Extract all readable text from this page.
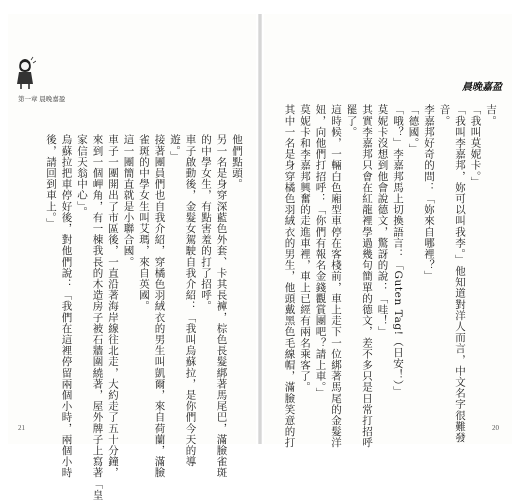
第一章 晨晚嘉盈
他們點頭。
另一名是身穿深藍色外套、卡其長褲，棕色長髮綁著馬尾巴，滿臉雀斑
的中學女生，有點害羞的打了招呼。
車子啟動後，金髮女駕駛自我介紹：「我叫烏蘇拉，是你們今天的導
遊。」
接著團員們也自我介紹，穿橘色羽絨衣的男生叫凱爾，來自荷蘭，滿臉
雀斑的中學女生叫艾瑪，來自英國。
這一團簡直就是小聯合國。
車子一團開出了市區後，一直沿著海岸線往北走，大約走了五十分鐘，
來到一個岬角，有一棟我長的木造房子被石牆圍繞著，屋外牌子上寫著「皇
家信天翁中心」。
烏蘇拉把車停好後，對他們說：「我們在這裡停留兩個小時，兩個小時
後，請回到車上。」
21
晨晚嘉盈
吉。
「我叫莫妮卡。」
「我叫李嘉邦，妳可以叫我李。」他知道對洋人而言，中文名字很難發
音。
李嘉邦好奇的問：「妳來自哪裡？」
「德國。」
「哦？」李嘉邦馬上切換語言：「Guten Tag!（日安！）」
莫妮卡沒想到他會說德文，驚訝的說：「哇！」
其實李嘉邦只會在紅龍裡學過幾句簡單的德文，差不多只是日常打招呼
罷了。
這時候，一輛白色廂型車停在客棧前，車上走下一位綁著馬尾的金髮洋
妞，向他們打招呼：「你們有報名金錢觀賞團吧？請上車。」
莫妮卡和李嘉邦興奮的走進車裡，車上已經有兩名乘客了。
其中一名是身穿橘色羽絨衣的男生，他頭戴黑色毛線帽，滿臉笑意的打	20
